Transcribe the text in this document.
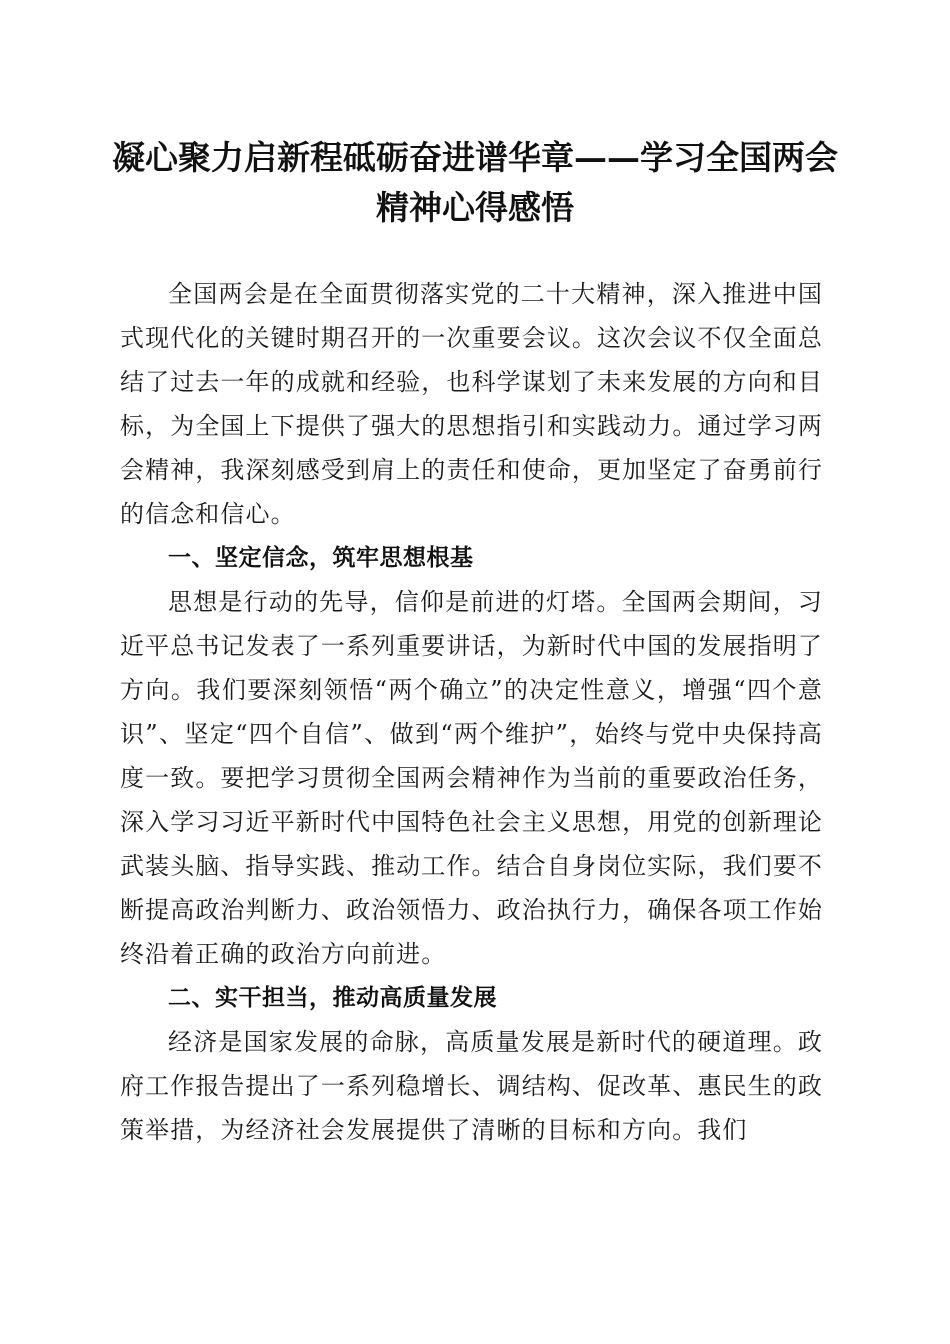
凝心聚力启新程砥砺奋进谱华章——学习全国两会精神心得感悟

全国两会是在全面贯彻落实党的二十大精神，深入推进中国式现代化的关键时期召开的一次重要会议。这次会议不仅全面总结了过去一年的成就和经验，也科学谋划了未来发展的方向和目标，为全国上下提供了强大的思想指引和实践动力。通过学习两会精神，我深刻感受到肩上的责任和使命，更加坚定了奋勇前行的信念和信心。

一、坚定信念，筑牢思想根基

思想是行动的先导，信仰是前进的灯塔。全国两会期间，习近平总书记发表了一系列重要讲话，为新时代中国的发展指明了方向。我们要深刻领悟“两个确立”的决定性意义，增强“四个意识”、坚定“四个自信”、做到“两个维护”，始终与党中央保持高度一致。要把学习贯彻全国两会精神作为当前的重要政治任务，深入学习习近平新时代中国特色社会主义思想，用党的创新理论武装头脑、指导实践、推动工作。结合自身岗位实际，我们要不断提高政治判断力、政治领悟力、政治执行力，确保各项工作始终沿着正确的政治方向前进。

二、实干担当，推动高质量发展

经济是国家发展的命脉，高质量发展是新时代的硬道理。政府工作报告提出了一系列稳增长、调结构、促改革、惠民生的政策举措，为经济社会发展提供了清晰的目标和方向。我们
